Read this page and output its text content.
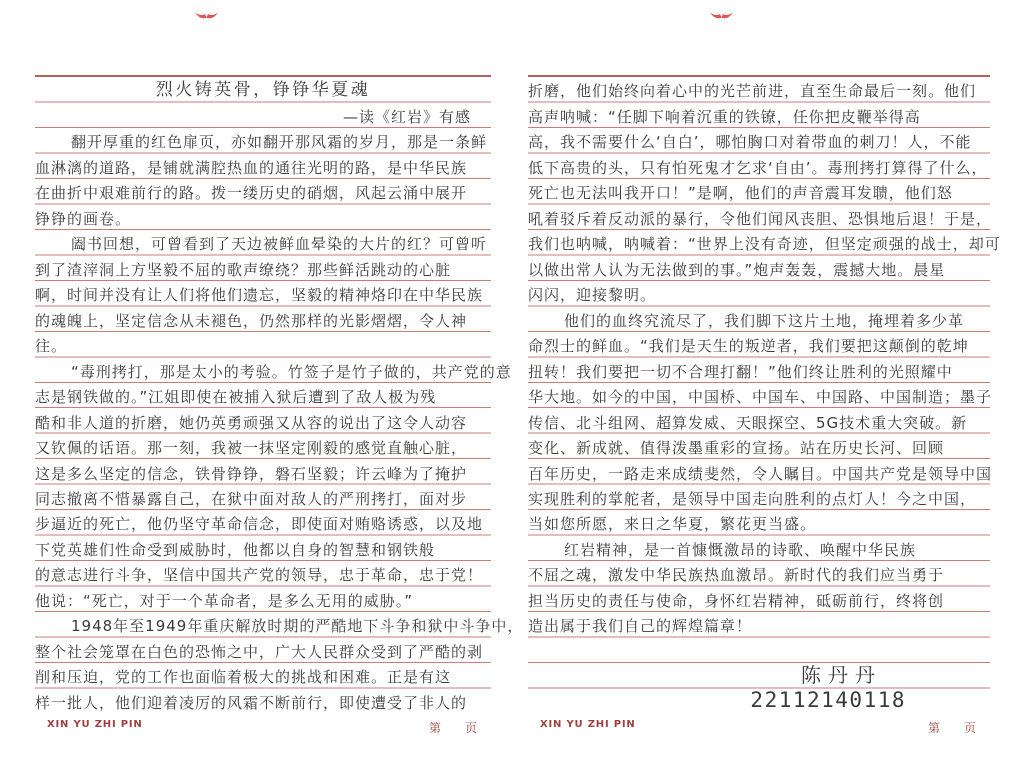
烈火铸英骨，铮铮华夏魂
—读《红岩》有感
翻开厚重的红色扉页，亦如翻开那风霜的岁月，那是一条鲜
血淋漓的道路，是铺就满腔热血的通往光明的路，是中华民族
在曲折中艰难前行的路。拨一缕历史的硝烟，风起云涌中展开
铮铮的画卷。
阖书回想，可曾看到了天边被鲜血晕染的大片的红？可曾听
到了渣滓洞上方坚毅不屈的歌声缭绕？那些鲜活跳动的心脏
啊，时间并没有让人们将他们遗忘，坚毅的精神烙印在中华民族
的魂魄上，坚定信念从未褪色，仍然那样的光影熠熠，令人神
往。
“毒刑拷打，那是太小的考验。竹签子是竹子做的，共产党的意
志是钢铁做的。”江姐即使在被捕入狱后遭到了敌人极为残
酷和非人道的折磨，她仍英勇顽强又从容的说出了这令人动容
又钦佩的话语。那一刻，我被一抹坚定刚毅的感觉直触心脏，
这是多么坚定的信念，铁骨铮铮，磐石坚毅；许云峰为了掩护
同志撤离不惜暴露自己，在狱中面对敌人的严刑拷打，面对步
步逼近的死亡，他仍坚守革命信念，即使面对贿赂诱惑，以及地
下党英雄们性命受到威胁时，他都以自身的智慧和钢铁般
的意志进行斗争，坚信中国共产党的领导，忠于革命，忠于党！
他说：“死亡，对于一个革命者，是多么无用的威胁。”
1948年至1949年重庆解放时期的严酷地下斗争和狱中斗争中，
整个社会笼罩在白色的恐怖之中，广大人民群众受到了严酷的剥
削和压迫，党的工作也面临着极大的挑战和困难。正是有这
样一批人，他们迎着凌厉的风霜不断前行，即使遭受了非人的
XIN YU ZHI PIN	第 页
折磨，他们始终向着心中的光芒前进，直至生命最后一刻。他们
高声呐喊：“任脚下响着沉重的铁镣，任你把皮鞭举得高
高，我不需要什么‘自白’，哪怕胸口对着带血的刺刀！人，不能
低下高贵的头，只有怕死鬼才乞求‘自由’。毒刑拷打算得了什么，
死亡也无法叫我开口！”是啊，他们的声音震耳发聩，他们怒
吼着驳斥着反动派的暴行，令他们闻风丧胆、恐惧地后退！于是，
我们也呐喊，呐喊着：“世界上没有奇迹，但坚定顽强的战士，却可
以做出常人认为无法做到的事。”炮声轰轰，震撼大地。晨星
闪闪，迎接黎明。
他们的血终究流尽了，我们脚下这片土地，掩埋着多少革
命烈士的鲜血。“我们是天生的叛逆者，我们要把这颠倒的乾坤
扭转！我们要把一切不合理打翻！”他们终让胜利的光照耀中
华大地。如今的中国，中国桥、中国车、中国路、中国制造；墨子
传信、北斗组网、超算发威、天眼探空、5G技术重大突破。新
变化、新成就、值得泼墨重彩的宣扬。站在历史长河、回顾
百年历史，一路走来成绩斐然，令人瞩目。中国共产党是领导中国
实现胜利的掌舵者，是领导中国走向胜利的点灯人！今之中国，
当如您所愿，来日之华夏，繁花更当盛。
红岩精神，是一首慷慨激昂的诗歌、唤醒中华民族
不屈之魂，激发中华民族热血激昂。新时代的我们应当勇于
担当历史的责任与使命，身怀红岩精神，砥砺前行，终将创
造出属于我们自己的辉煌篇章！
陈丹丹
22112140118
XIN YU ZHI PIN	第 页
